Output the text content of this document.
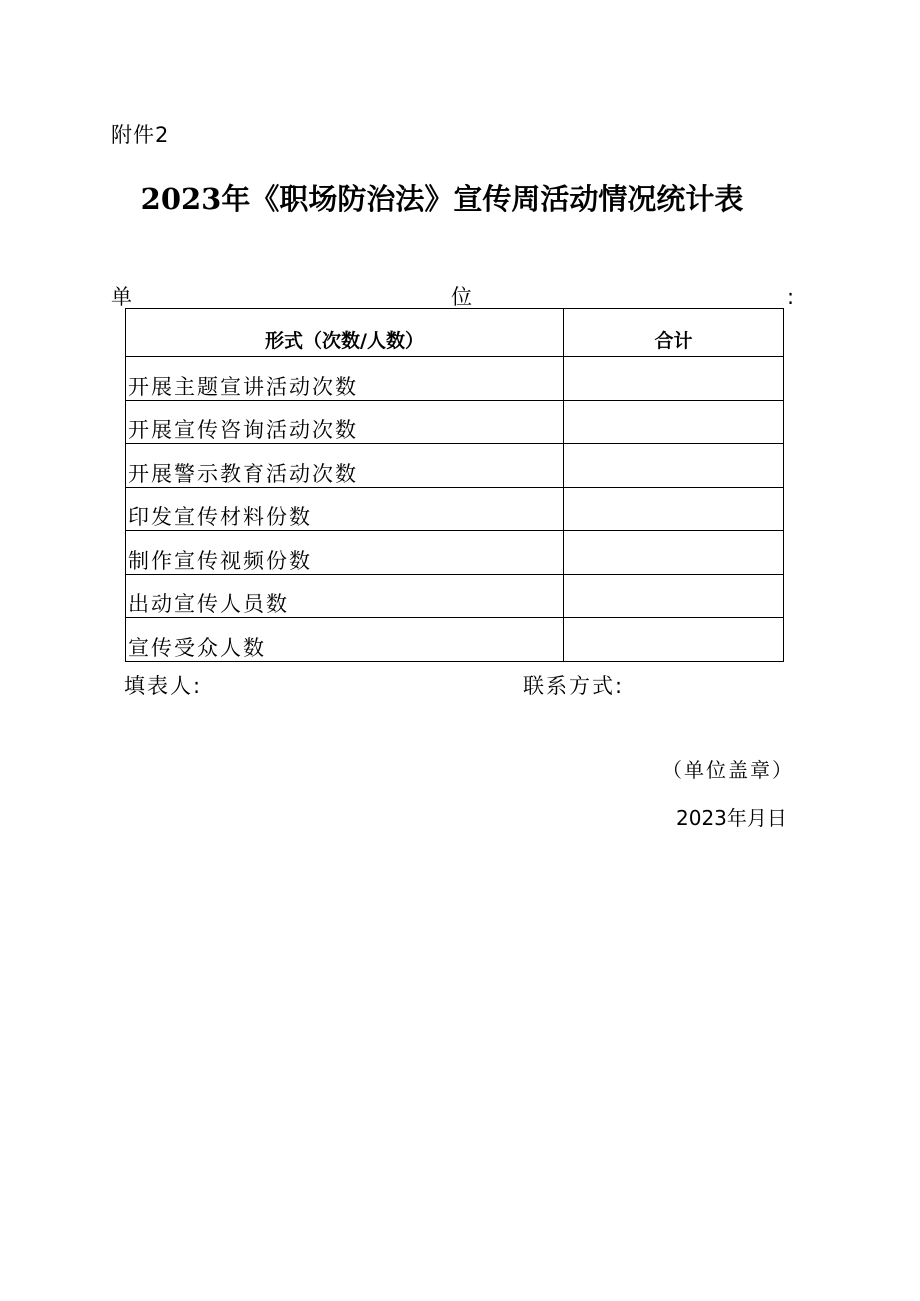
附件2
2023年《职场防治法》宣传周活动情况统计表
单	位	:
形式（次数/人数）	合计
开展主题宣讲活动次数	
开展宣传咨询活动次数	
开展警示教育活动次数	
印发宣传材料份数	
制作宣传视频份数	
出动宣传人员数	
宣传受众人数	
填表人:	联系方式:
（单位盖章）
2023年月日
